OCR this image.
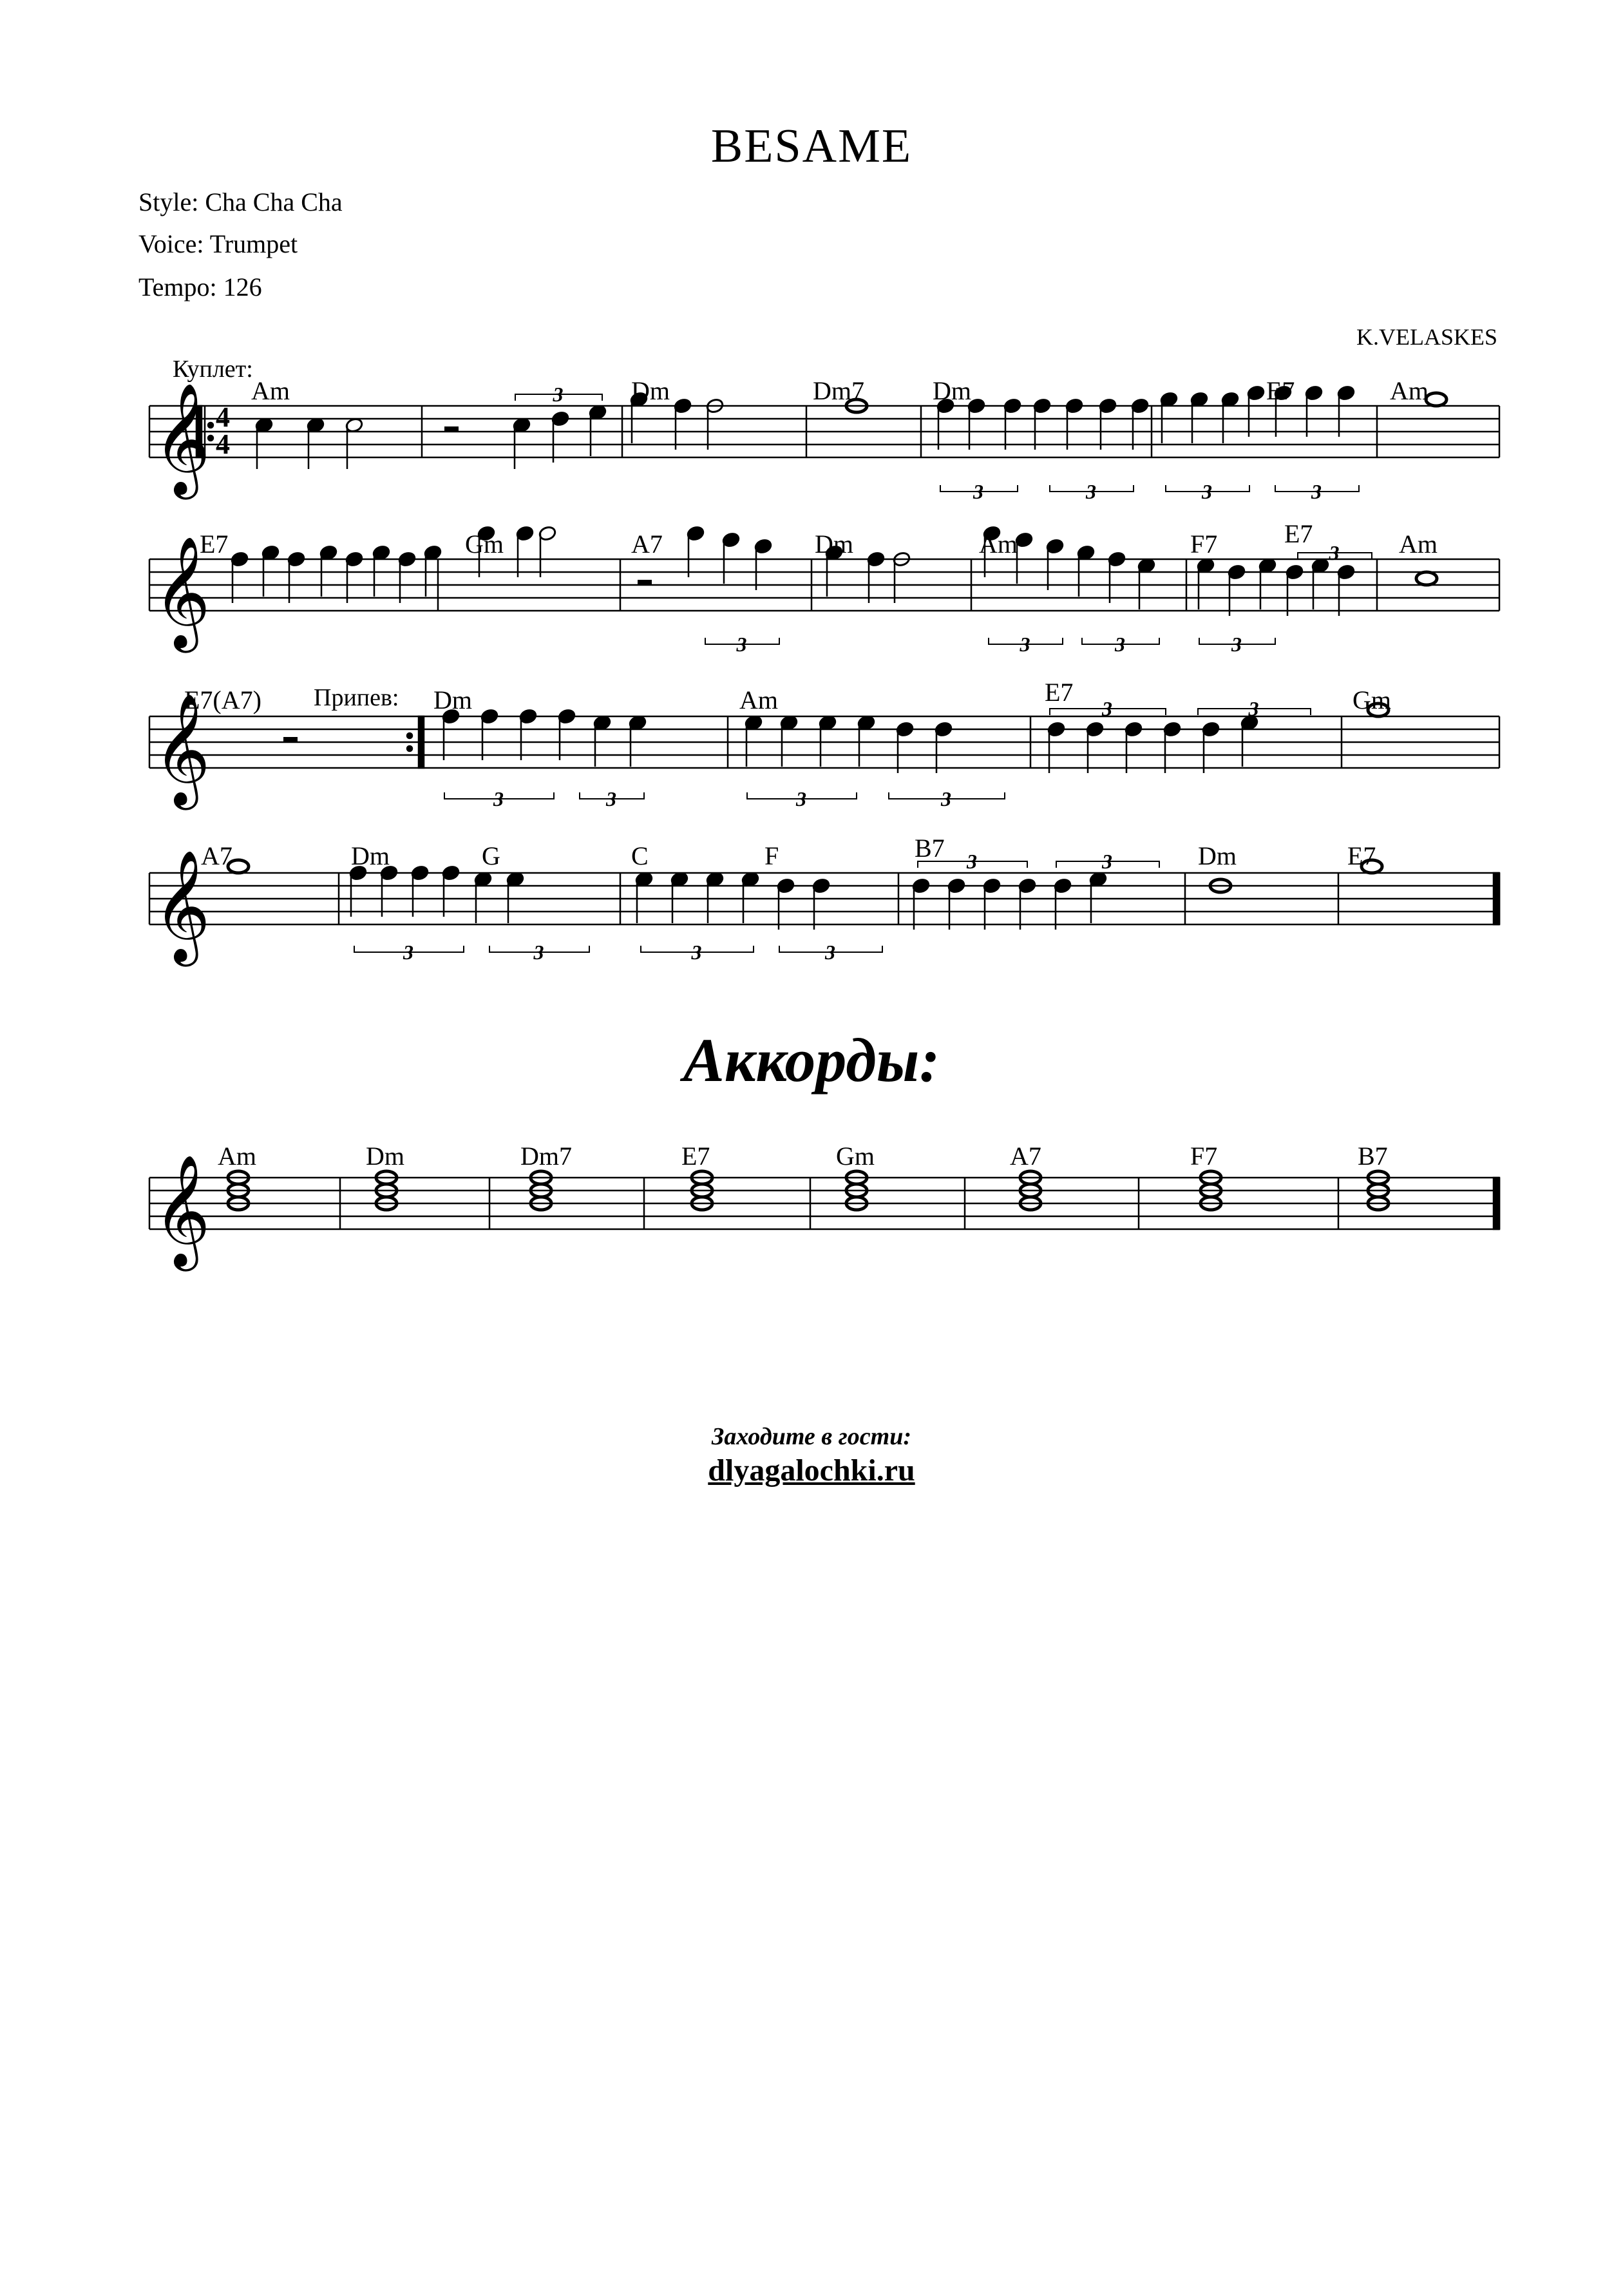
BESAME
Style: Cha Cha Cha
Voice: Trumpet
Tempo: 126
K.VELASKES
𝄞
𝄞
𝄞
𝄞
𝄞
4
4
Куплет:
Припев:
Am	Dm	Dm7	Dm	E7	Am
E7	Gm	A7	Dm	Am	F7	E7	Am
E7(A7)	Dm	Am	E7	Gm
A7	Dm	G	C	F	B7	Dm	E7
3
3	3	3	3
3	3	3	3
3
3	3	3	3
3	3
3	3	3	3
3	3
Am	Dm	Dm7	E7	Gm	A7	F7	B7
Аккорды:
Заходите в гости:
dlyagalochki.ru
